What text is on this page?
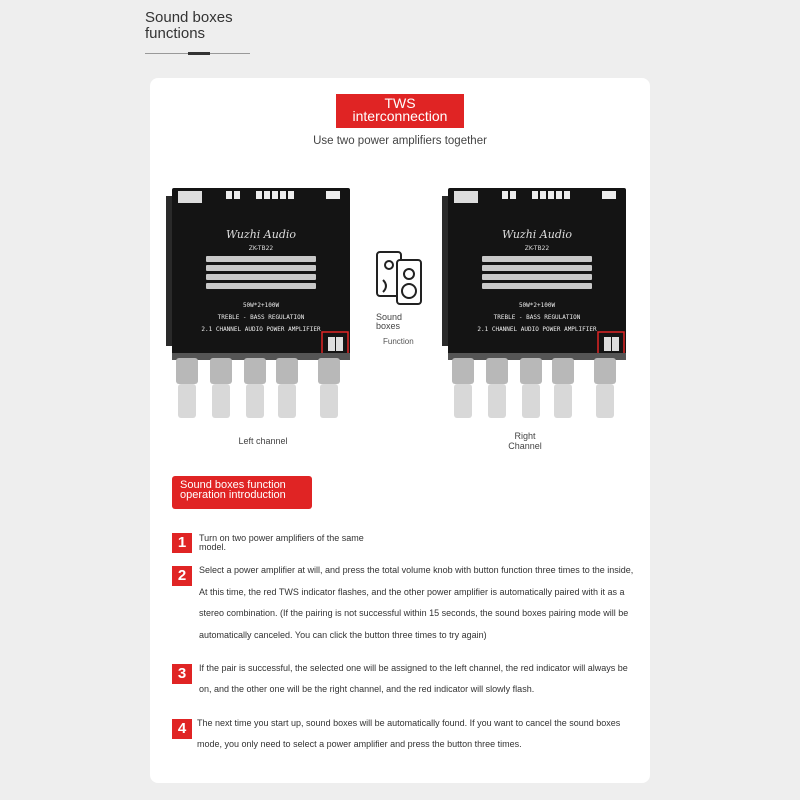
Sound boxes functions
TWS interconnection
Use two power amplifiers together
Wuzhi Audio
ZK-TB22
50W*2+100W
TREBLE - BASS REGULATION
2.1 CHANNEL AUDIO POWER AMPLIFIER
Wuzhi Audio
ZK-TB22
50W*2+100W
TREBLE - BASS REGULATION
2.1 CHANNEL AUDIO POWER AMPLIFIER
Left channel	Right Channel
Sound boxes
Function
Sound boxes function operation introduction
1	Turn on two power amplifiers of the same model.
2	Select a power amplifier at will, and press the total volume knob with button function three times to the inside, At this time, the red TWS indicator flashes, and the other power amplifier is automatically paired with it as a stereo combination. (If the pairing is not successful within 15 seconds, the sound boxes pairing mode will be automatically canceled. You can click the button three times to try again)
3	If the pair is successful, the selected one will be assigned to the left channel, the red indicator will always be on, and the other one will be the right channel, and the red indicator will slowly flash.
4	The next time you start up, sound boxes will be automatically found. If you want to cancel the sound boxes mode, you only need to select a power amplifier and press the button three times.
